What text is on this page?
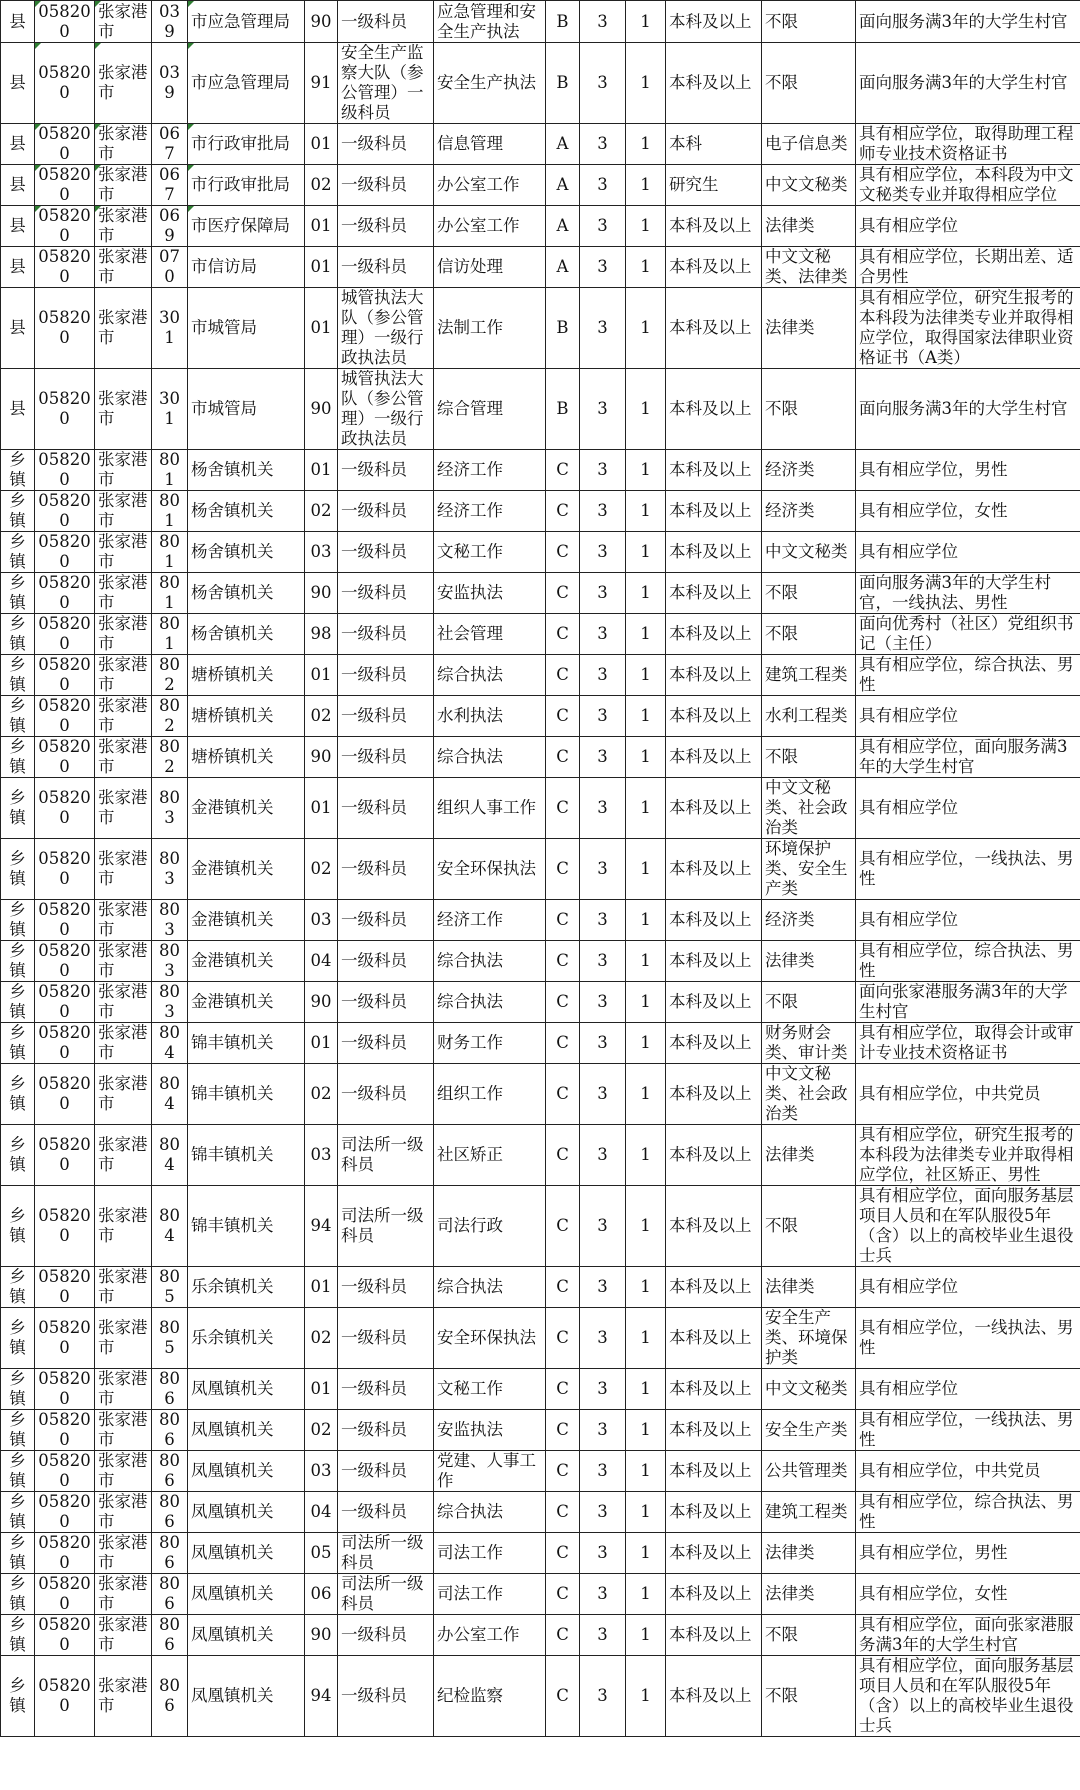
县	058200	张家港市	039	市应急管理局	90	一级科员	应急管理和安全生产执法	B	3	1	本科及以上	不限	面向服务满3年的大学生村官
县	058200	张家港市	039	市应急管理局	91	安全生产监察大队（参公管理）一级科员	安全生产执法	B	3	1	本科及以上	不限	面向服务满3年的大学生村官
县	058200	张家港市	067	市行政审批局	01	一级科员	信息管理	A	3	1	本科	电子信息类	具有相应学位，取得助理工程师专业技术资格证书
县	058200	张家港市	067	市行政审批局	02	一级科员	办公室工作	A	3	1	研究生	中文文秘类	具有相应学位，本科段为中文文秘类专业并取得相应学位
县	058200	张家港市	069	市医疗保障局	01	一级科员	办公室工作	A	3	1	本科及以上	法律类	具有相应学位
县	058200	张家港市	070	市信访局	01	一级科员	信访处理	A	3	1	本科及以上	中文文秘类、法律类	具有相应学位，长期出差、适合男性
县	058200	张家港市	301	市城管局	01	城管执法大队（参公管理）一级行政执法员	法制工作	B	3	1	本科及以上	法律类	具有相应学位，研究生报考的本科段为法律类专业并取得相应学位，取得国家法律职业资格证书（A类）
县	058200	张家港市	301	市城管局	90	城管执法大队（参公管理）一级行政执法员	综合管理	B	3	1	本科及以上	不限	面向服务满3年的大学生村官
乡镇	058200	张家港市	801	杨舍镇机关	01	一级科员	经济工作	C	3	1	本科及以上	经济类	具有相应学位，男性
乡镇	058200	张家港市	801	杨舍镇机关	02	一级科员	经济工作	C	3	1	本科及以上	经济类	具有相应学位，女性
乡镇	058200	张家港市	801	杨舍镇机关	03	一级科员	文秘工作	C	3	1	本科及以上	中文文秘类	具有相应学位
乡镇	058200	张家港市	801	杨舍镇机关	90	一级科员	安监执法	C	3	1	本科及以上	不限	面向服务满3年的大学生村官，一线执法、男性
乡镇	058200	张家港市	801	杨舍镇机关	98	一级科员	社会管理	C	3	1	本科及以上	不限	面向优秀村（社区）党组织书记（主任）
乡镇	058200	张家港市	802	塘桥镇机关	01	一级科员	综合执法	C	3	1	本科及以上	建筑工程类	具有相应学位，综合执法、男性
乡镇	058200	张家港市	802	塘桥镇机关	02	一级科员	水利执法	C	3	1	本科及以上	水利工程类	具有相应学位
乡镇	058200	张家港市	802	塘桥镇机关	90	一级科员	综合执法	C	3	1	本科及以上	不限	具有相应学位，面向服务满3年的大学生村官
乡镇	058200	张家港市	803	金港镇机关	01	一级科员	组织人事工作	C	3	1	本科及以上	中文文秘类、社会政治类	具有相应学位
乡镇	058200	张家港市	803	金港镇机关	02	一级科员	安全环保执法	C	3	1	本科及以上	环境保护类、安全生产类	具有相应学位，一线执法、男性
乡镇	058200	张家港市	803	金港镇机关	03	一级科员	经济工作	C	3	1	本科及以上	经济类	具有相应学位
乡镇	058200	张家港市	803	金港镇机关	04	一级科员	综合执法	C	3	1	本科及以上	法律类	具有相应学位，综合执法、男性
乡镇	058200	张家港市	803	金港镇机关	90	一级科员	综合执法	C	3	1	本科及以上	不限	面向张家港服务满3年的大学生村官
乡镇	058200	张家港市	804	锦丰镇机关	01	一级科员	财务工作	C	3	1	本科及以上	财务财会类、审计类	具有相应学位，取得会计或审计专业技术资格证书
乡镇	058200	张家港市	804	锦丰镇机关	02	一级科员	组织工作	C	3	1	本科及以上	中文文秘类、社会政治类	具有相应学位，中共党员
乡镇	058200	张家港市	804	锦丰镇机关	03	司法所一级科员	社区矫正	C	3	1	本科及以上	法律类	具有相应学位，研究生报考的本科段为法律类专业并取得相应学位，社区矫正、男性
乡镇	058200	张家港市	804	锦丰镇机关	94	司法所一级科员	司法行政	C	3	1	本科及以上	不限	具有相应学位，面向服务基层项目人员和在军队服役5年（含）以上的高校毕业生退役士兵
乡镇	058200	张家港市	805	乐余镇机关	01	一级科员	综合执法	C	3	1	本科及以上	法律类	具有相应学位
乡镇	058200	张家港市	805	乐余镇机关	02	一级科员	安全环保执法	C	3	1	本科及以上	安全生产类、环境保护类	具有相应学位，一线执法、男性
乡镇	058200	张家港市	806	凤凰镇机关	01	一级科员	文秘工作	C	3	1	本科及以上	中文文秘类	具有相应学位
乡镇	058200	张家港市	806	凤凰镇机关	02	一级科员	安监执法	C	3	1	本科及以上	安全生产类	具有相应学位，一线执法、男性
乡镇	058200	张家港市	806	凤凰镇机关	03	一级科员	党建、人事工作	C	3	1	本科及以上	公共管理类	具有相应学位，中共党员
乡镇	058200	张家港市	806	凤凰镇机关	04	一级科员	综合执法	C	3	1	本科及以上	建筑工程类	具有相应学位，综合执法、男性
乡镇	058200	张家港市	806	凤凰镇机关	05	司法所一级科员	司法工作	C	3	1	本科及以上	法律类	具有相应学位，男性
乡镇	058200	张家港市	806	凤凰镇机关	06	司法所一级科员	司法工作	C	3	1	本科及以上	法律类	具有相应学位，女性
乡镇	058200	张家港市	806	凤凰镇机关	90	一级科员	办公室工作	C	3	1	本科及以上	不限	具有相应学位，面向张家港服务满3年的大学生村官
乡镇	058200	张家港市	806	凤凰镇机关	94	一级科员	纪检监察	C	3	1	本科及以上	不限	具有相应学位，面向服务基层项目人员和在军队服役5年（含）以上的高校毕业生退役士兵
